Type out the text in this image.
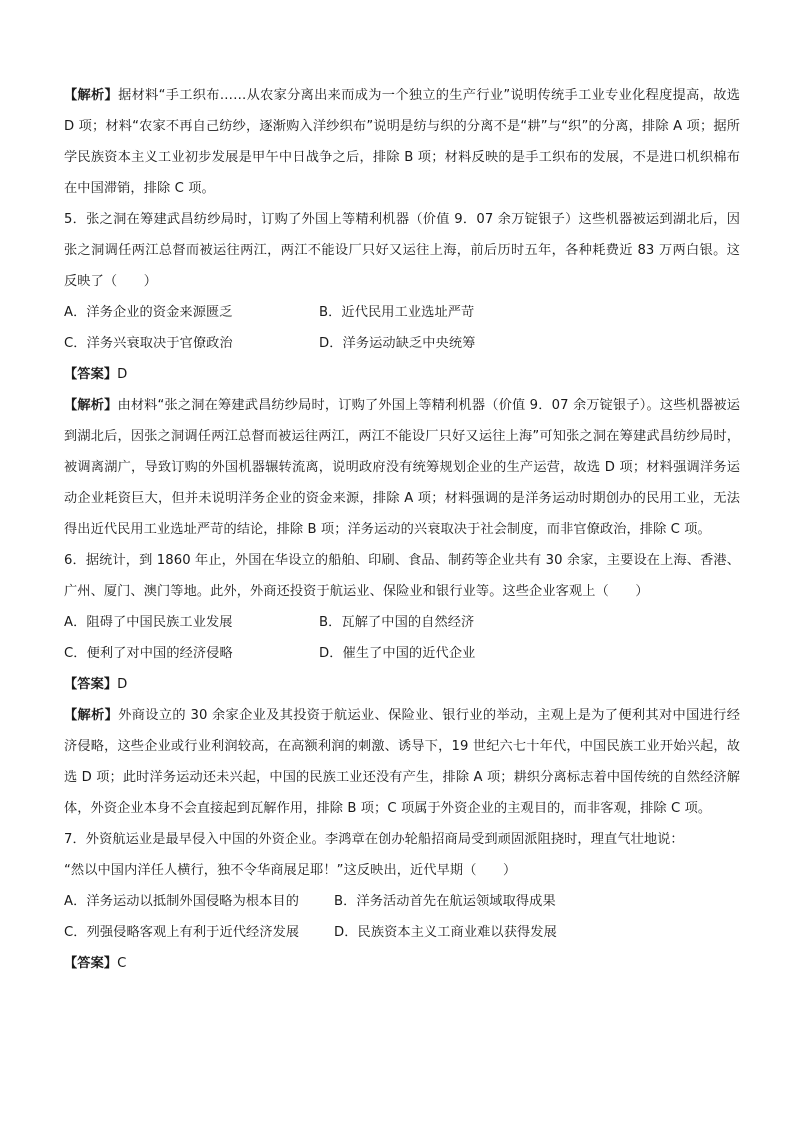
【解析】据材料“手工织布……从农家分离出来而成为一个独立的生产行业”说明传统手工业专业化程度提高，故选 D 项；材料“农家不再自己纺纱，逐渐购入洋纱织布”说明是纺与织的分离不是“耕”与“织”的分离，排除 A 项；据所学民族资本主义工业初步发展是甲午中日战争之后，排除 B 项；材料反映的是手工织布的发展，不是进口机织棉布在中国滞销，排除 C 项。

5．张之洞在筹建武昌纺纱局时，订购了外国上等精利机器（价值 9．07 余万锭银子）这些机器被运到湖北后，因张之洞调任两江总督而被运往两江，两江不能设厂只好又运往上海，前后历时五年，各种耗费近 83 万两白银。这反映了（　　）

A．洋务企业的资金来源匮乏	B．近代民用工业选址严苛
C．洋务兴衰取决于官僚政治	D．洋务运动缺乏中央统筹

【答案】D

【解析】由材料“张之洞在筹建武昌纺纱局时，订购了外国上等精利机器（价值 9．07 余万锭银子）。这些机器被运到湖北后，因张之洞调任两江总督而被运往两江，两江不能设厂只好又运往上海”可知张之洞在筹建武昌纺纱局时，被调离湖广，导致订购的外国机器辗转流离，说明政府没有统筹规划企业的生产运营，故选 D 项；材料强调洋务运动企业耗资巨大，但并未说明洋务企业的资金来源，排除 A 项；材料强调的是洋务运动时期创办的民用工业，无法得出近代民用工业选址严苛的结论，排除 B 项；洋务运动的兴衰取决于社会制度，而非官僚政治，排除 C 项。

6．据统计，到 1860 年止，外国在华设立的船舶、印刷、食品、制药等企业共有 30 余家，主要设在上海、香港、广州、厦门、澳门等地。此外，外商还投资于航运业、保险业和银行业等。这些企业客观上（　　）

A．阻碍了中国民族工业发展	B．瓦解了中国的自然经济
C．便利了对中国的经济侵略	D．催生了中国的近代企业

【答案】D

【解析】外商设立的 30 余家企业及其投资于航运业、保险业、银行业的举动，主观上是为了便利其对中国进行经济侵略，这些企业或行业利润较高，在高额利润的刺激、诱导下，19 世纪六七十年代，中国民族工业开始兴起，故选 D 项；此时洋务运动还未兴起，中国的民族工业还没有产生，排除 A 项；耕织分离标志着中国传统的自然经济解体，外资企业本身不会直接起到瓦解作用，排除 B 项；C 项属于外资企业的主观目的，而非客观，排除 C 项。

7．外资航运业是最早侵入中国的外资企业。李鸿章在创办轮船招商局受到顽固派阻挠时，理直气壮地说：

“然以中国内洋任人横行，独不令华商展足耶！”这反映出，近代早期（　　）

A．洋务运动以抵制外国侵略为根本目的	B．洋务活动首先在航运领域取得成果
C．列强侵略客观上有利于近代经济发展	D．民族资本主义工商业难以获得发展

【答案】C
